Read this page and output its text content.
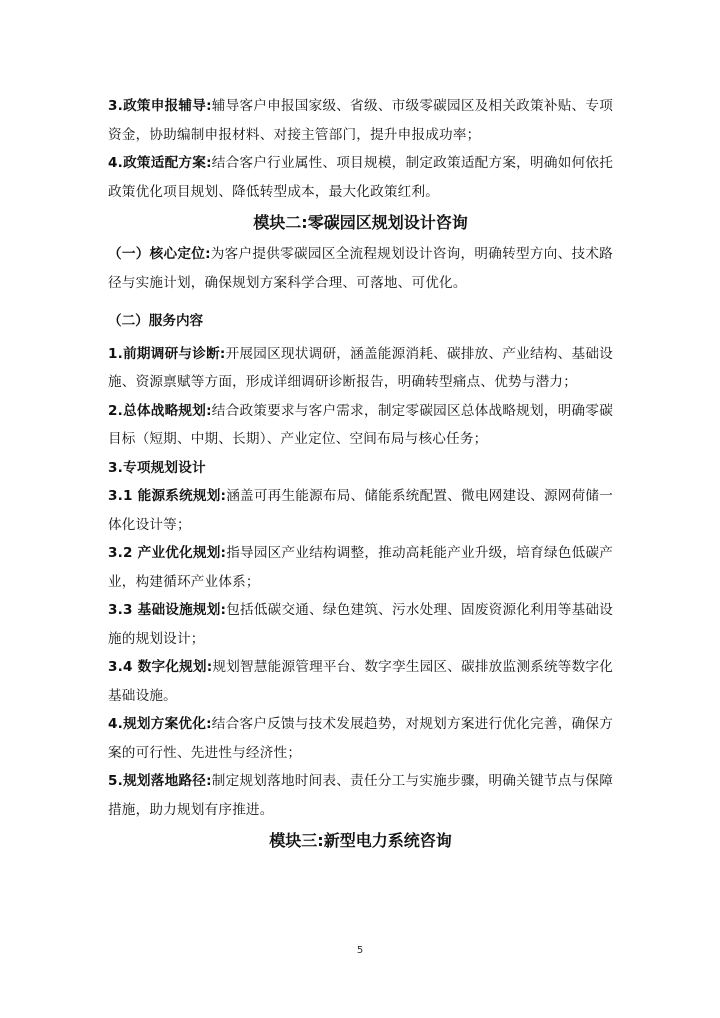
3.政策申报辅导:辅导客户申报国家级、省级、市级零碳园区及相关政策补贴、专项资金，协助编制申报材料、对接主管部门，提升申报成功率；

4.政策适配方案:结合客户行业属性、项目规模，制定政策适配方案，明确如何依托政策优化项目规划、降低转型成本，最大化政策红利。

模块二:零碳园区规划设计咨询

（一）核心定位:为客户提供零碳园区全流程规划设计咨询，明确转型方向、技术路径与实施计划，确保规划方案科学合理、可落地、可优化。

（二）服务内容

1.前期调研与诊断:开展园区现状调研，涵盖能源消耗、碳排放、产业结构、基础设施、资源禀赋等方面，形成详细调研诊断报告，明确转型痛点、优势与潜力；

2.总体战略规划:结合政策要求与客户需求，制定零碳园区总体战略规划，明确零碳目标（短期、中期、长期）、产业定位、空间布局与核心任务；

3.专项规划设计

3.1 能源系统规划:涵盖可再生能源布局、储能系统配置、微电网建设、源网荷储一体化设计等；

3.2 产业优化规划:指导园区产业结构调整，推动高耗能产业升级，培育绿色低碳产业，构建循环产业体系；

3.3 基础设施规划:包括低碳交通、绿色建筑、污水处理、固废资源化利用等基础设施的规划设计；

3.4 数字化规划:规划智慧能源管理平台、数字孪生园区、碳排放监测系统等数字化基础设施。

4.规划方案优化:结合客户反馈与技术发展趋势，对规划方案进行优化完善，确保方案的可行性、先进性与经济性；

5.规划落地路径:制定规划落地时间表、责任分工与实施步骤，明确关键节点与保障措施，助力规划有序推进。

模块三:新型电力系统咨询
5
